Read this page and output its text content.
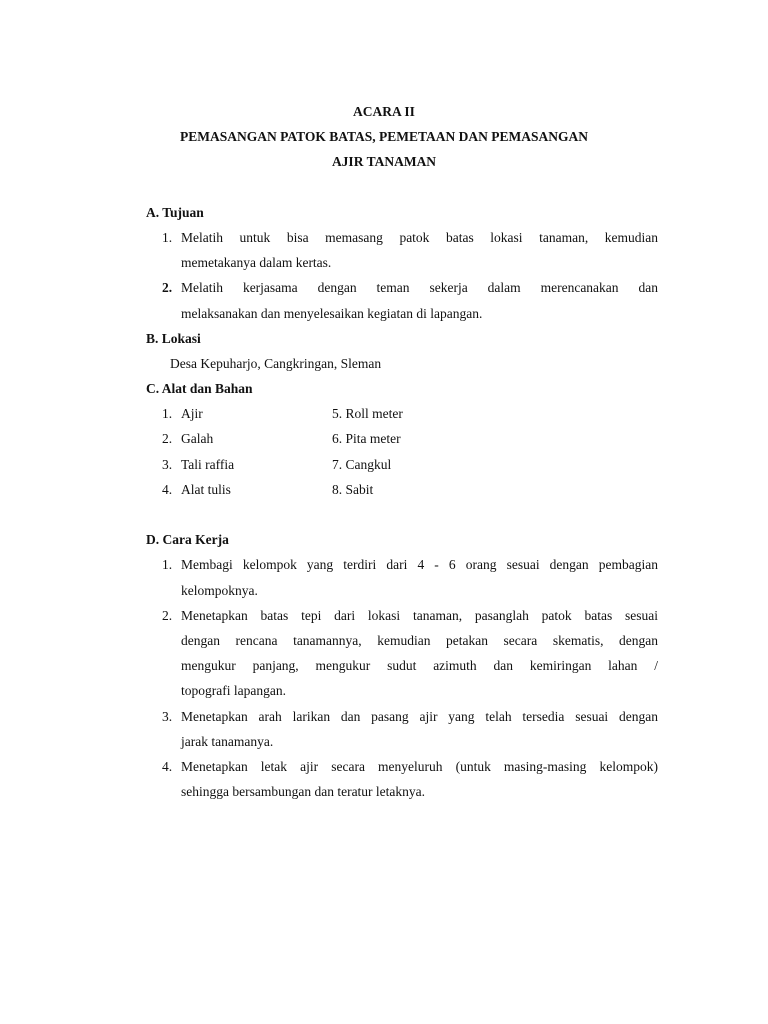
ACARA II
PEMASANGAN PATOK BATAS, PEMETAAN DAN PEMASANGAN
AJIR TANAMAN
A. Tujuan
1. Melatih untuk bisa memasang patok batas lokasi tanaman, kemudian
memetakanya dalam kertas.
2. Melatih kerjasama dengan teman sekerja dalam merencanakan dan
melaksanakan dan menyelesaikan kegiatan di lapangan.
B. Lokasi
Desa Kepuharjo, Cangkringan, Sleman
C. Alat dan Bahan
1. Ajir	5. Roll meter
2. Galah	6. Pita meter
3. Tali raffia	7. Cangkul
4. Alat tulis	8. Sabit
D. Cara Kerja
1. Membagi kelompok yang terdiri dari 4 - 6 orang sesuai dengan pembagian
kelompoknya.
2. Menetapkan batas tepi dari lokasi tanaman, pasanglah patok batas sesuai
dengan rencana tanamannya, kemudian petakan secara skematis, dengan
mengukur panjang, mengukur sudut azimuth dan kemiringan lahan /
topografi lapangan.
3. Menetapkan arah larikan dan pasang ajir yang telah tersedia sesuai dengan
jarak tanamanya.
4. Menetapkan letak ajir secara menyeluruh (untuk masing-masing kelompok)
sehingga bersambungan dan teratur letaknya.
